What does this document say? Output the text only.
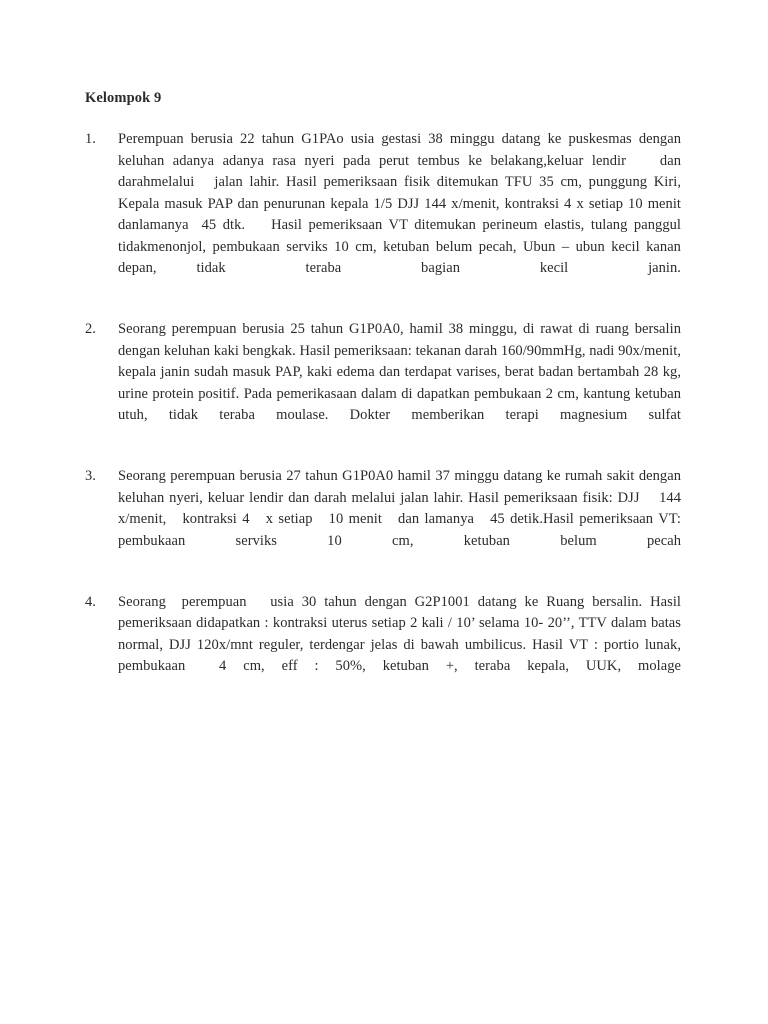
Kelompok 9
1.	Perempuan berusia 22 tahun G1PAo usia gestasi 38 minggu datang ke puskesmas dengan keluhan adanya adanya rasa nyeri pada perut tembus ke belakang,keluar lendir    dan darahmelalui   jalan lahir. Hasil pemeriksaan fisik ditemukan TFU 35 cm, punggung Kiri, Kepala masuk PAP dan penurunan kepala 1/5 DJJ 144 x/menit, kontraksi 4 x setiap 10 menit danlamanya  45 dtk.    Hasil pemeriksaan VT ditemukan perineum elastis, tulang panggul tidakmenonjol, pembukaan serviks 10 cm, ketuban belum pecah, Ubun – ubun kecil kanan depan, tidak  teraba  bagian  kecil  janin.

2.	Seorang perempuan berusia 25 tahun G1P0A0, hamil 38 minggu, di rawat di ruang bersalin dengan keluhan kaki bengkak. Hasil pemeriksaan: tekanan darah 160/90mmHg, nadi 90x/menit, kepala janin sudah masuk PAP, kaki edema dan terdapat varises, berat badan bertambah 28 kg, urine protein positif. Pada pemerikasaan dalam di dapatkan pembukaan 2 cm, kantung ketuban utuh, tidak teraba moulase. Dokter memberikan terapi magnesium sulfat

3.	Seorang perempuan berusia 27 tahun G1P0A0 hamil 37 minggu datang ke rumah sakit dengan keluhan nyeri, keluar lendir dan darah melalui jalan lahir. Hasil pemeriksaan fisik: DJJ    144 x/menit,   kontraksi 4   x setiap   10 menit   dan lamanya   45 detik.Hasil pemeriksaan VT: pembukaan serviks 10 cm, ketuban belum pecah

4.	Seorang  perempuan   usia 30 tahun dengan G2P1001 datang ke Ruang bersalin. Hasil pemeriksaan didapatkan : kontraksi uterus setiap 2 kali / 10’ selama 10- 20’’, TTV dalam batas normal, DJJ 120x/mnt reguler, terdengar jelas di bawah umbilicus. Hasil VT : portio lunak, pembukaan  4 cm, eff : 50%, ketuban +, teraba kepala, UUK, molage
